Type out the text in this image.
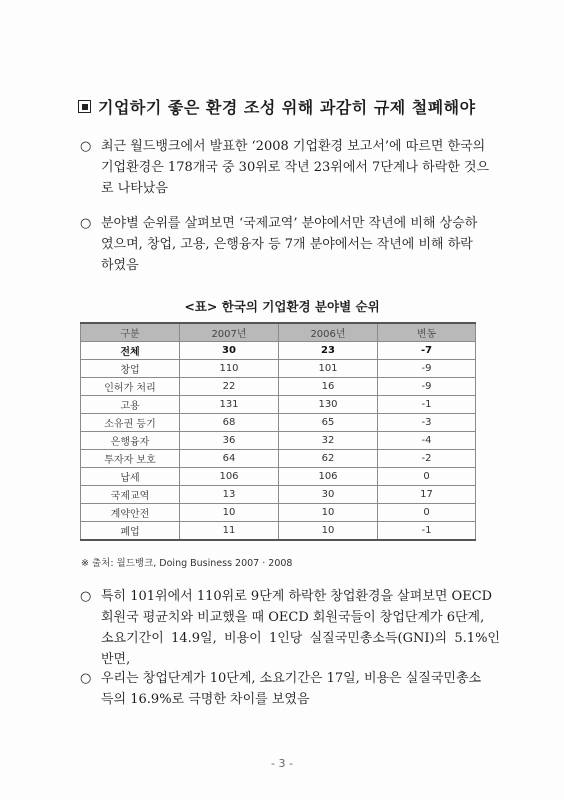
기업하기 좋은 환경 조성 위해 과감히 규제 철폐해야
○ 최근 월드뱅크에서 발표한 ‘2008 기업환경 보고서’에 따르면 한국의
기업환경은 178개국 중 30위로 작년 23위에서 7단계나 하락한 것으
로 나타났음
○ 분야별 순위를 살펴보면 ‘국제교역’ 분야에서만 작년에 비해 상승하
였으며, 창업, 고용, 은행융자 등 7개 분야에서는 작년에 비해 하락
하였음
<표> 한국의 기업환경 분야별 순위
구분	2007년	2006년	변동
전체	30	23	-7
창업	110	101	-9
인허가 처리	22	16	-9
고용	131	130	-1
소유권 등기	68	65	-3
은행융자	36	32	-4
투자자 보호	64	62	-2
납세	106	106	0
국제교역	13	30	17
계약안전	10	10	0
폐업	11	10	-1
※ 출처: 월드뱅크, Doing Business 2007 · 2008
○ 특히 101위에서 110위로 9단계 하락한 창업환경을 살펴보면 OECD
회원국 평균치와 비교했을 때 OECD 회원국들이 창업단계가 6단계,
소요기간이 14.9일, 비용이 1인당 실질국민총소득(GNI)의 5.1%인 반면,
○ 우리는 창업단계가 10단계, 소요기간은 17일, 비용은 실질국민총소
득의 16.9%로 극명한 차이를 보였음
- 3 -
